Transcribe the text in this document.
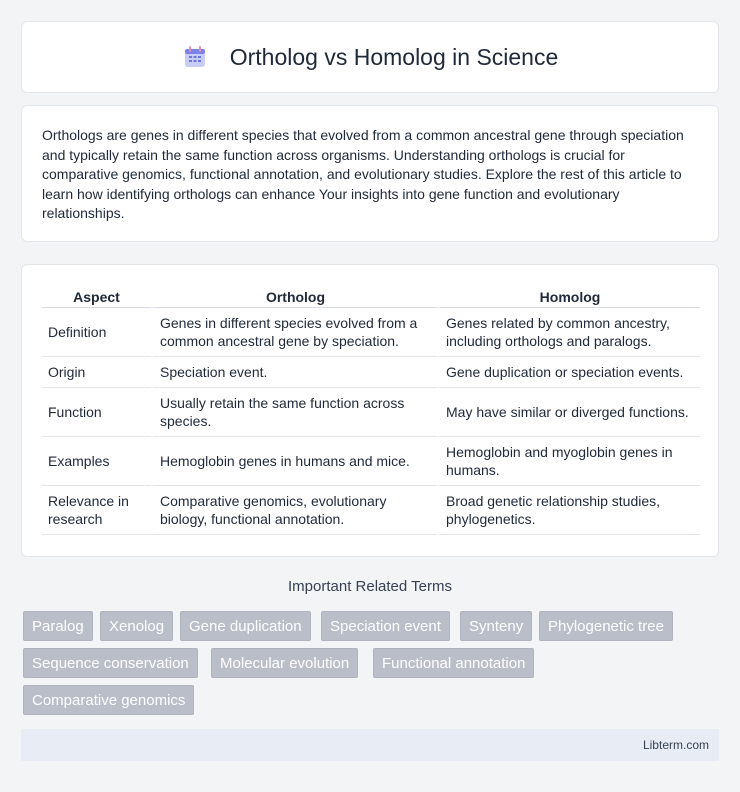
Ortholog vs Homolog in Science

Orthologs are genes in different species that evolved from a common ancestral gene through speciation and typically retain the same function across organisms. Understanding orthologs is crucial for comparative genomics, functional annotation, and evolutionary studies. Explore the rest of this article to learn how identifying orthologs can enhance Your insights into gene function and evolutionary relationships.

Aspect	Ortholog	Homolog
Definition	Genes in different species evolved from a common ancestral gene by speciation.	Genes related by common ancestry, including orthologs and paralogs.
Origin	Speciation event.	Gene duplication or speciation events.
Function	Usually retain the same function across species.	May have similar or diverged functions.
Examples	Hemoglobin genes in humans and mice.	Hemoglobin and myoglobin genes in humans.
Relevance in research	Comparative genomics, evolutionary biology, functional annotation.	Broad genetic relationship studies, phylogenetics.
Important Related Terms
Paralog	Xenolog	Gene duplication	Speciation event	Synteny	Phylogenetic tree
Sequence conservation	Molecular evolution	Functional annotation
Comparative genomics
Libterm.com
